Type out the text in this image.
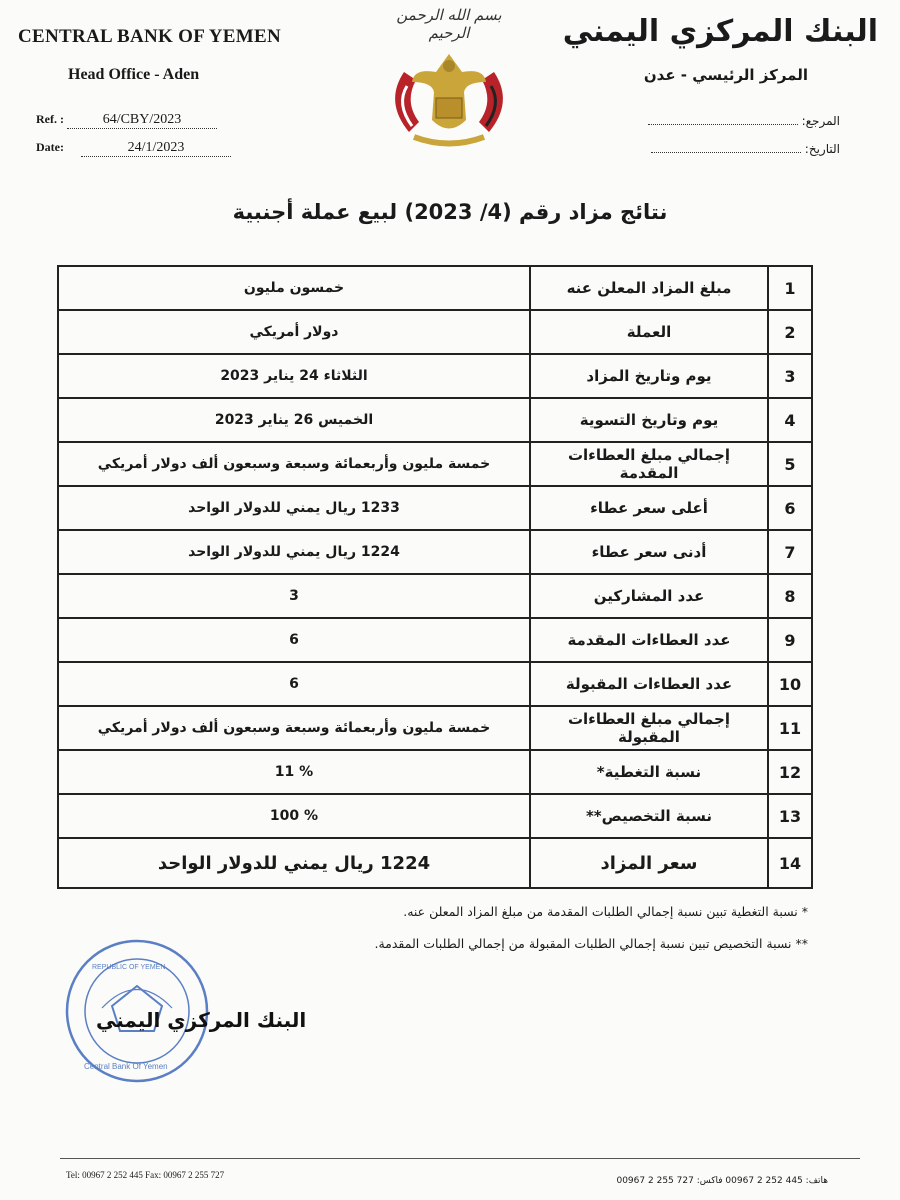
CENTRAL BANK OF YEMEN
Head Office - Aden
Ref. :	64/CBY/2023
Date:	24/1/2023
بسم الله الرحمن الرحيم	البنك المركزي اليمني
المركز الرئيسي - عدن
المرجع:
التاريخ:
نتائج مزاد رقم (4/ 2023) لبيع عملة أجنبية
1	مبلغ المزاد المعلن عنه	خمسون مليون
2	العملة	دولار أمريكي
3	يوم وتاريخ المزاد	الثلاثاء 24 يناير 2023
4	يوم وتاريخ التسوية	الخميس 26 يناير 2023
5	إجمالي مبلغ العطاءات المقدمة	خمسة مليون وأربعمائة وسبعة وسبعون ألف دولار أمريكي
6	أعلى سعر عطاء	1233 ريال يمني للدولار الواحد
7	أدنى سعر عطاء	1224 ريال يمني للدولار الواحد
8	عدد المشاركين	3
9	عدد العطاءات المقدمة	6
10	عدد العطاءات المقبولة	6
11	إجمالي مبلغ العطاءات المقبولة	خمسة مليون وأربعمائة وسبعة وسبعون ألف دولار أمريكي
12	نسبة التغطية*	% 11
13	نسبة التخصيص**	% 100
14	سعر المزاد	1224 ريال يمني للدولار الواحد
* نسبة التغطية تبين نسبة إجمالي الطلبات المقدمة من مبلغ المزاد المعلن عنه.
** نسبة التخصيص تبين نسبة إجمالي الطلبات المقبولة من إجمالي الطلبات المقدمة.
REPUBLIC OF YEMEN
Central Bank Of Yemen
البنك المركزي اليمني
Tel: 00967 2 252 445 Fax: 00967 2 255 727
هاتف: 445 252 2 00967 فاكس: 727 255 2 00967
